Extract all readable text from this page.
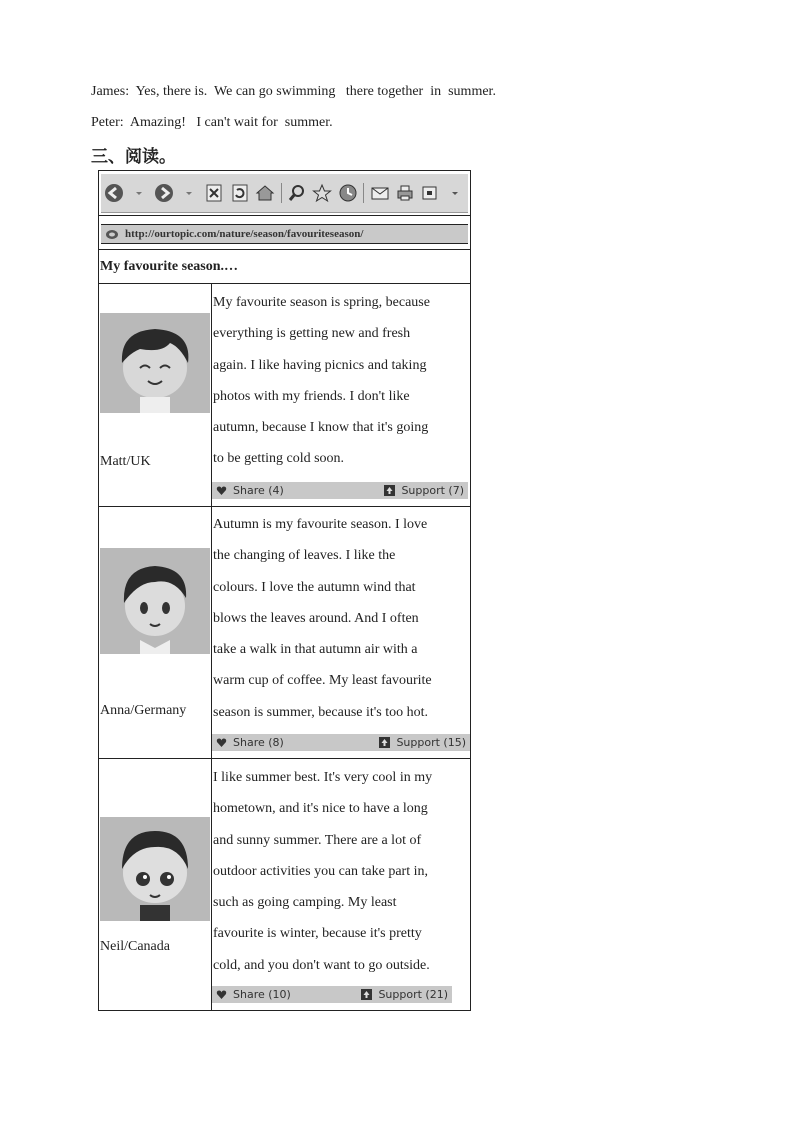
James:  Yes, there is.  We can go swimming   there together  in  summer.
Peter:  Amazing!   I can't wait for  summer.
三、阅读。
http://ourtopic.com/nature/season/favouriteseason/
My favourite season.…
Matt/UK
My favourite season is spring, because
everything is getting new and fresh
again. I like having picnics and taking
photos with my friends. I don't like
autumn, because I know that it's going
to be getting cold soon.
Share (4)	Support (7)
Anna/Germany
Autumn is my favourite season. I love
the changing of leaves. I like the
colours. I love the autumn wind that
blows the leaves around. And I often
take a walk in that autumn air with a
warm cup of coffee. My least favourite
season is summer, because it's too hot.
Share (8)	Support (15)
Neil/Canada
I like summer best. It's very cool in my
hometown, and it's nice to have a long
and sunny summer. There are a lot of
outdoor activities you can take part in,
such as going camping. My least
favourite is winter, because it's pretty
cold, and you don't want to go outside.
Share (10)	Support (21)
